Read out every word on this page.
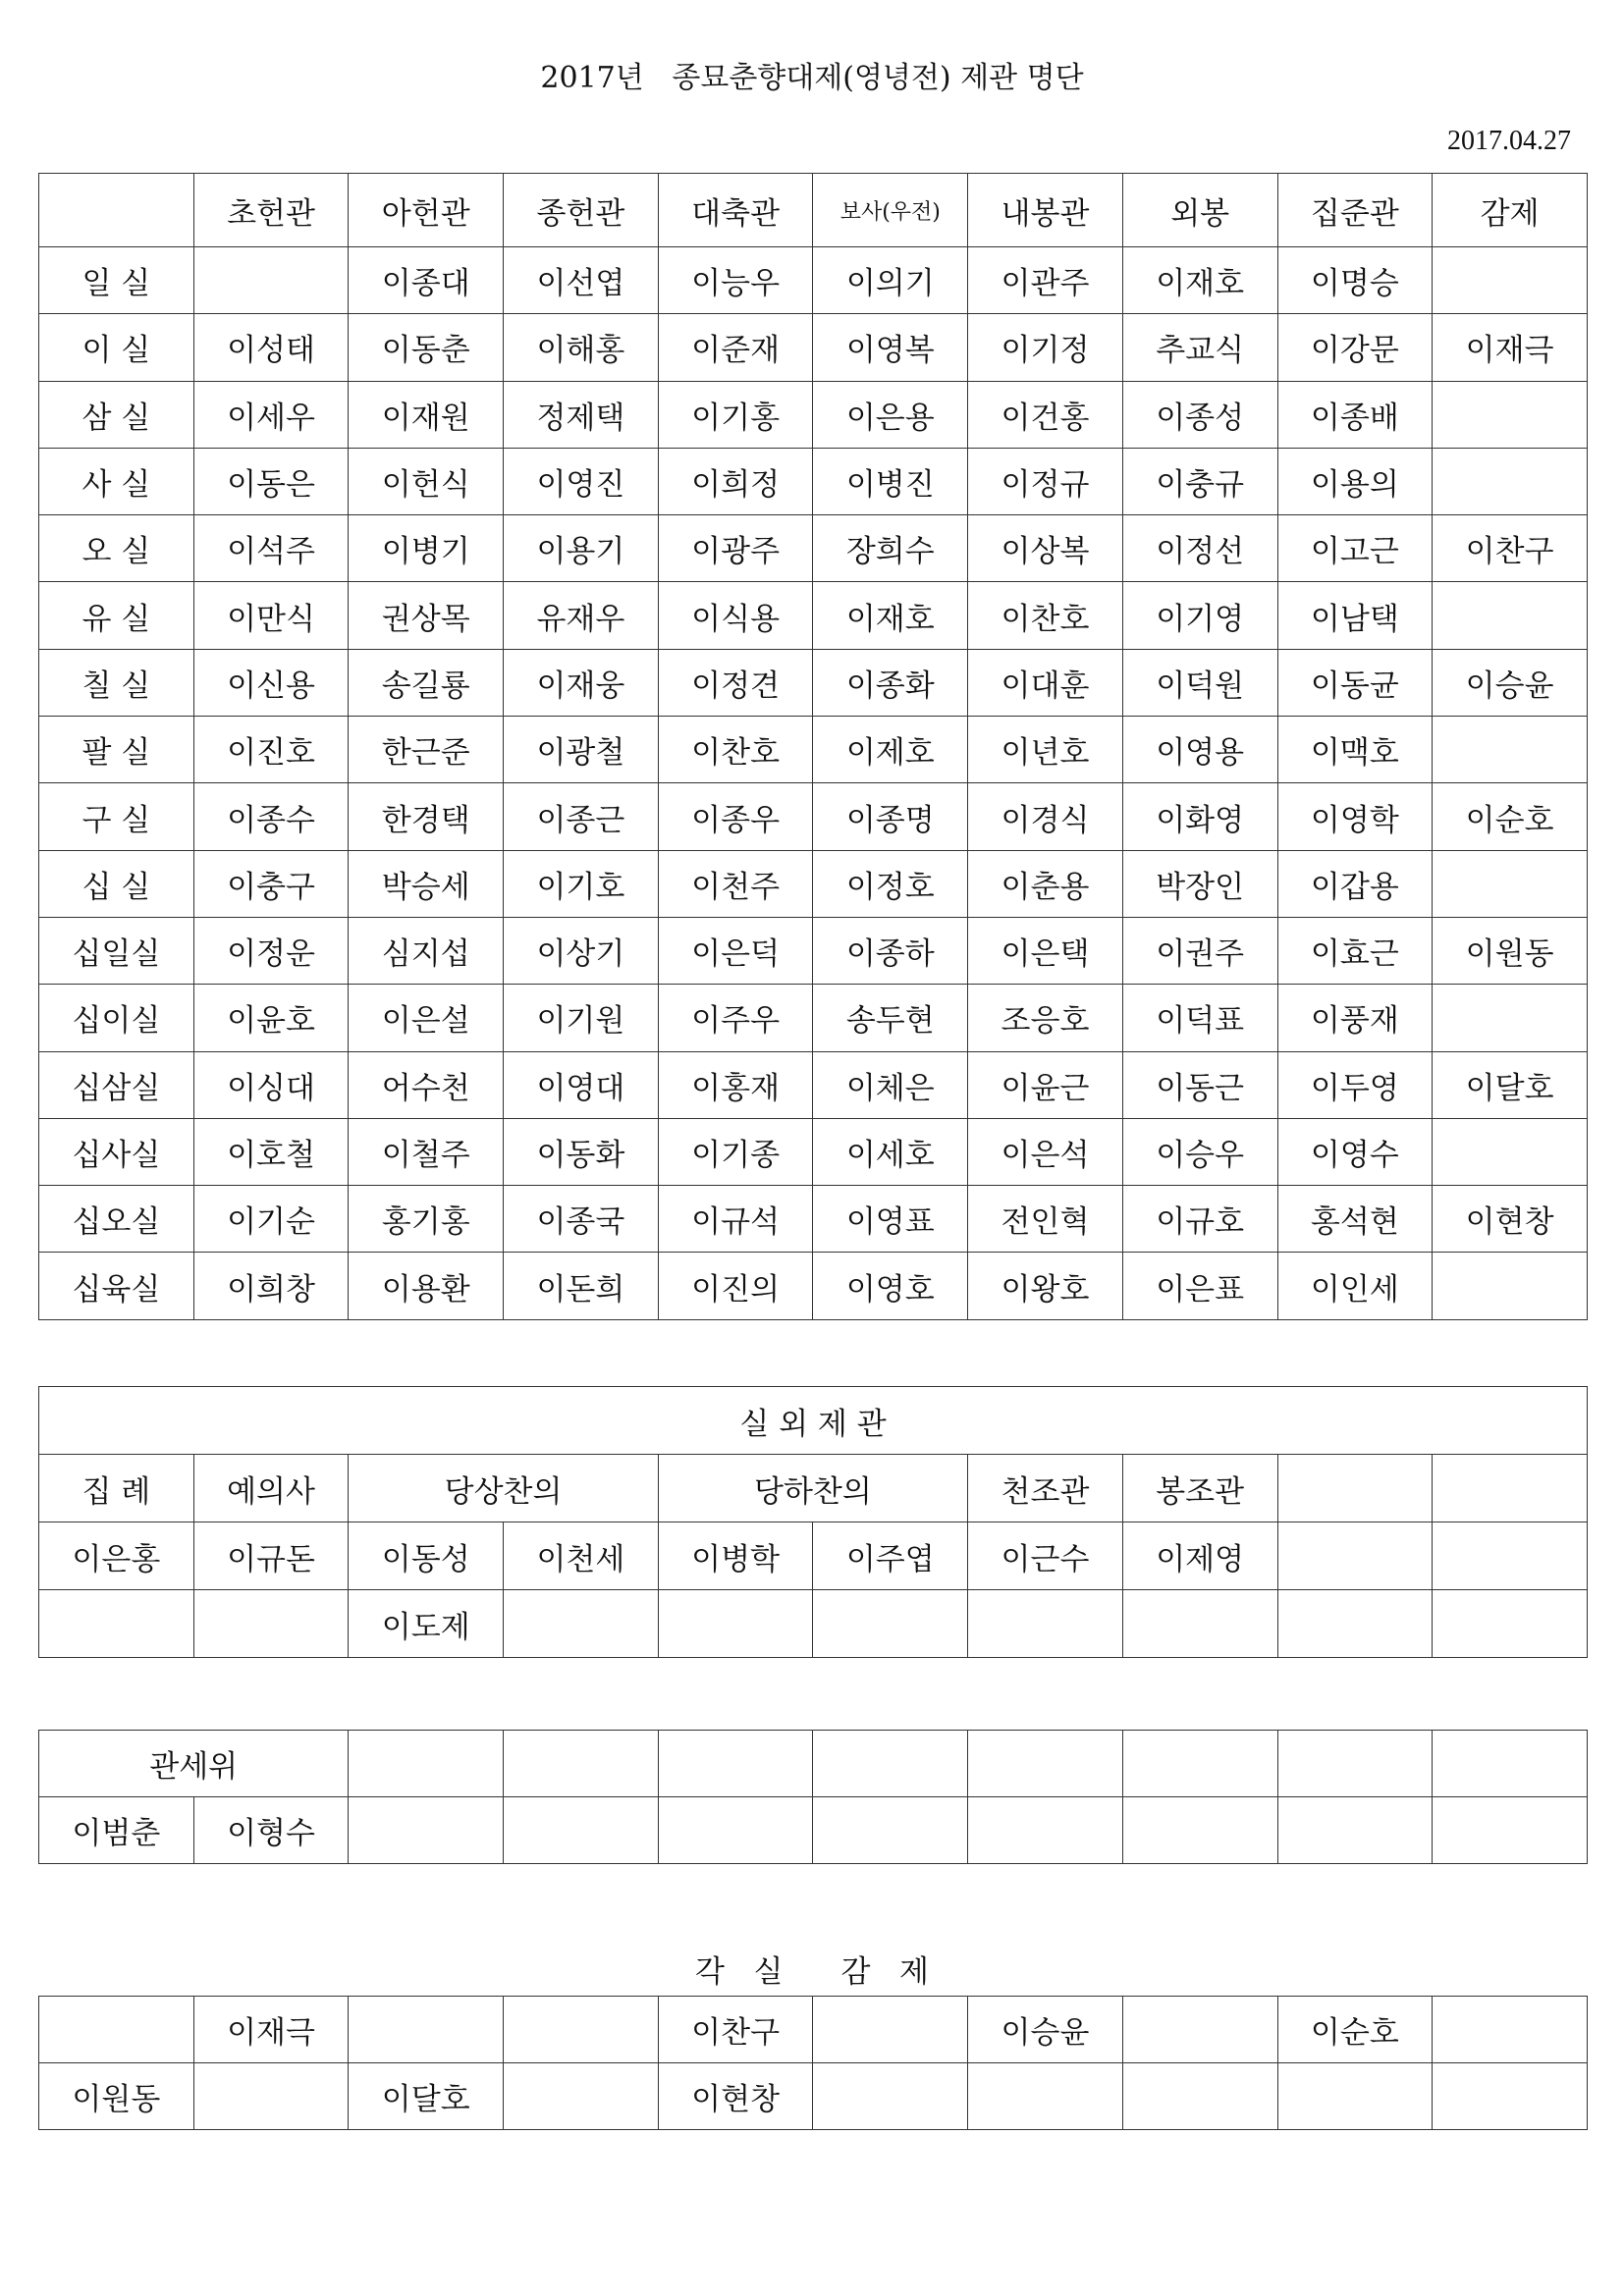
2017년   종묘춘향대제(영녕전) 제관 명단
2017.04.27
	초헌관	아헌관	종헌관	대축관	보사(우전)	내봉관	외봉	집준관	감제
일 실		이종대	이선엽	이능우	이의기	이관주	이재호	이명승	
이 실	이성태	이동춘	이해홍	이준재	이영복	이기정	추교식	이강문	이재극
삼 실	이세우	이재원	정제택	이기홍	이은용	이건홍	이종성	이종배	
사 실	이동은	이헌식	이영진	이희정	이병진	이정규	이충규	이용의	
오 실	이석주	이병기	이용기	이광주	장희수	이상복	이정선	이고근	이찬구
유 실	이만식	권상목	유재우	이식용	이재호	이찬호	이기영	이남택	
칠 실	이신용	송길룡	이재웅	이정견	이종화	이대훈	이덕원	이동균	이승윤
팔 실	이진호	한근준	이광철	이찬호	이제호	이년호	이영용	이맥호	
구 실	이종수	한경택	이종근	이종우	이종명	이경식	이화영	이영학	이순호
십 실	이충구	박승세	이기호	이천주	이정호	이춘용	박장인	이갑용	
십일실	이정운	심지섭	이상기	이은덕	이종하	이은택	이권주	이효근	이원동
십이실	이윤호	이은설	이기원	이주우	송두현	조응호	이덕표	이풍재	
십삼실	이싱대	어수천	이영대	이홍재	이체은	이윤근	이동근	이두영	이달호
십사실	이호철	이철주	이동화	이기종	이세호	이은석	이승우	이영수	
십오실	이기순	홍기홍	이종국	이규석	이영표	전인혁	이규호	홍석현	이현창
십육실	이희창	이용환	이돈희	이진의	이영호	이왕호	이은표	이인세	
실 외 제 관									
집 례	예의사	당상찬의		당하찬의		천조관	봉조관		
이은홍	이규돈	이동성	이천세	이병학	이주엽	이근수	이제영		
		이도제							
관세위									
이범춘	이형수								
각   실      감   제
	이재극			이찬구		이승윤		이순호	
이원동		이달호		이현창					
